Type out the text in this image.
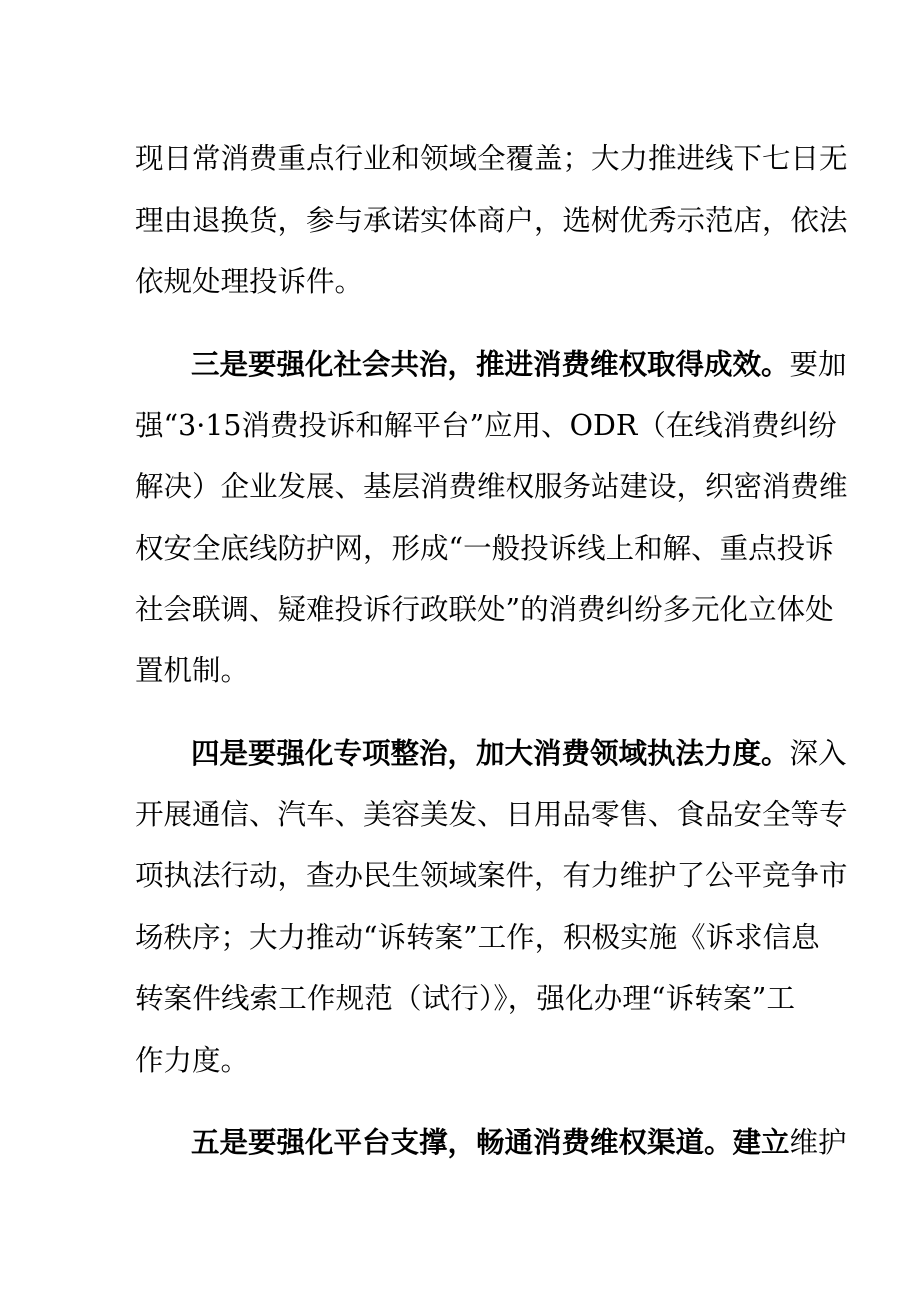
现日常消费重点行业和领域全覆盖；大力推进线下七日无
理由退换货，参与承诺实体商户，选树优秀示范店，依法
依规处理投诉件。
三是要强化社会共治，推进消费维权取得成效。要加
强“3·15消费投诉和解平台”应用、ODR（在线消费纠纷
解决）企业发展、基层消费维权服务站建设，织密消费维
权安全底线防护网，形成“一般投诉线上和解、重点投诉
社会联调、疑难投诉行政联处”的消费纠纷多元化立体处
置机制。
四是要强化专项整治，加大消费领域执法力度。深入
开展通信、汽车、美容美发、日用品零售、食品安全等专
项执法行动，查办民生领域案件，有力维护了公平竞争市
场秩序；大力推动“诉转案”工作，积极实施《诉求信息
转案件线索工作规范（试行）》，强化办理“诉转案”工
作力度。
五是要强化平台支撑，畅通消费维权渠道。建立维护
